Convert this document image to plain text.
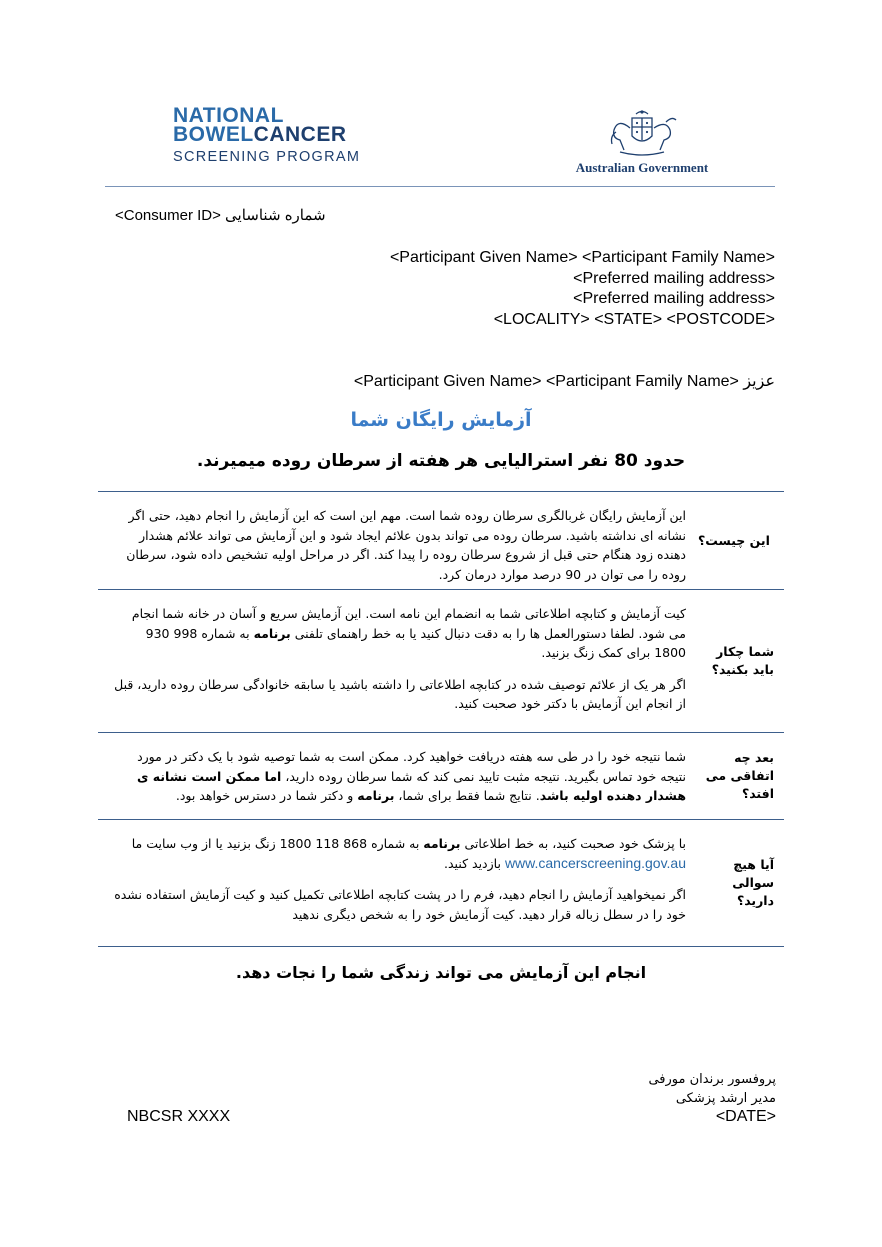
NATIONAL
BOWELCANCER
SCREENING PROGRAM
Australian Government
<Consumer ID> شماره شناسایی
<Participant Given Name> <Participant Family Name>
<Preferred mailing address>
<Preferred mailing address>
<LOCALITY> <STATE> <POSTCODE>
<Participant Given Name> <Participant Family Name> عزیز
آزمایش رایگان شما
حدود 80 نفر استرالیایی هر هفته از سرطان روده میمیرند.
این چیست؟

این آزمایش رایگان غربالگری سرطان روده شما است. مهم این است که این آزمایش را انجام دهید، حتی اگر نشانه ای نداشته باشید. سرطان روده می تواند بدون علائم ایجاد شود و این آزمایش می تواند علائم هشدار دهنده زود هنگام حتی قبل از شروع سرطان روده را پیدا کند. اگر در مراحل اولیه تشخیص داده شود، سرطان روده را می توان در 90 درصد موارد درمان کرد.

شما چکار باید بکنید؟

کیت آزمایش و کتابچه اطلاعاتی شما به انضمام این نامه است. این آزمایش سریع و آسان در خانه شما انجام می شود. لطفا دستورالعمل ها را به دقت دنبال کنید یا به خط راهنمای تلفنی برنامه به شماره 998 930 1800 برای کمک زنگ بزنید.

اگر هر یک از علائم توصیف شده در کتابچه اطلاعاتی را داشته باشید یا سابقه خانوادگی سرطان روده دارید، قبل از انجام این آزمایش با دکتر خود صحبت کنید.

بعد چه اتفاقی می افتد؟

شما نتیجه خود را در طی سه هفته دریافت خواهید کرد. ممکن است به شما توصیه شود با یک دکتر در مورد نتیجه خود تماس بگیرید. نتیجه مثبت تایید نمی کند که شما سرطان روده دارید، اما ممکن است نشانه ی هشدار دهنده اولیه باشد. نتایج شما فقط برای شما، برنامه و دکتر شما در دسترس خواهد بود.

آیا هیچ سوالی دارید؟

با پزشک خود صحبت کنید، به خط اطلاعاتی برنامه به شماره 868 118 1800 زنگ بزنید یا از وب سایت ما www.cancerscreening.gov.au بازدید کنید.

اگر نمیخواهید آزمایش را انجام دهید، فرم را در پشت کتابچه اطلاعاتی تکمیل کنید و کیت آزمایش استفاده نشده خود را در سطل زباله قرار دهید. کیت آزمایش خود را به شخص دیگری ندهید

انجام این آزمایش می تواند زندگی شما را نجات دهد.
پروفسور برندان مورفی
مدیر ارشد پزشکی
NBCSR XXXX	<DATE>
